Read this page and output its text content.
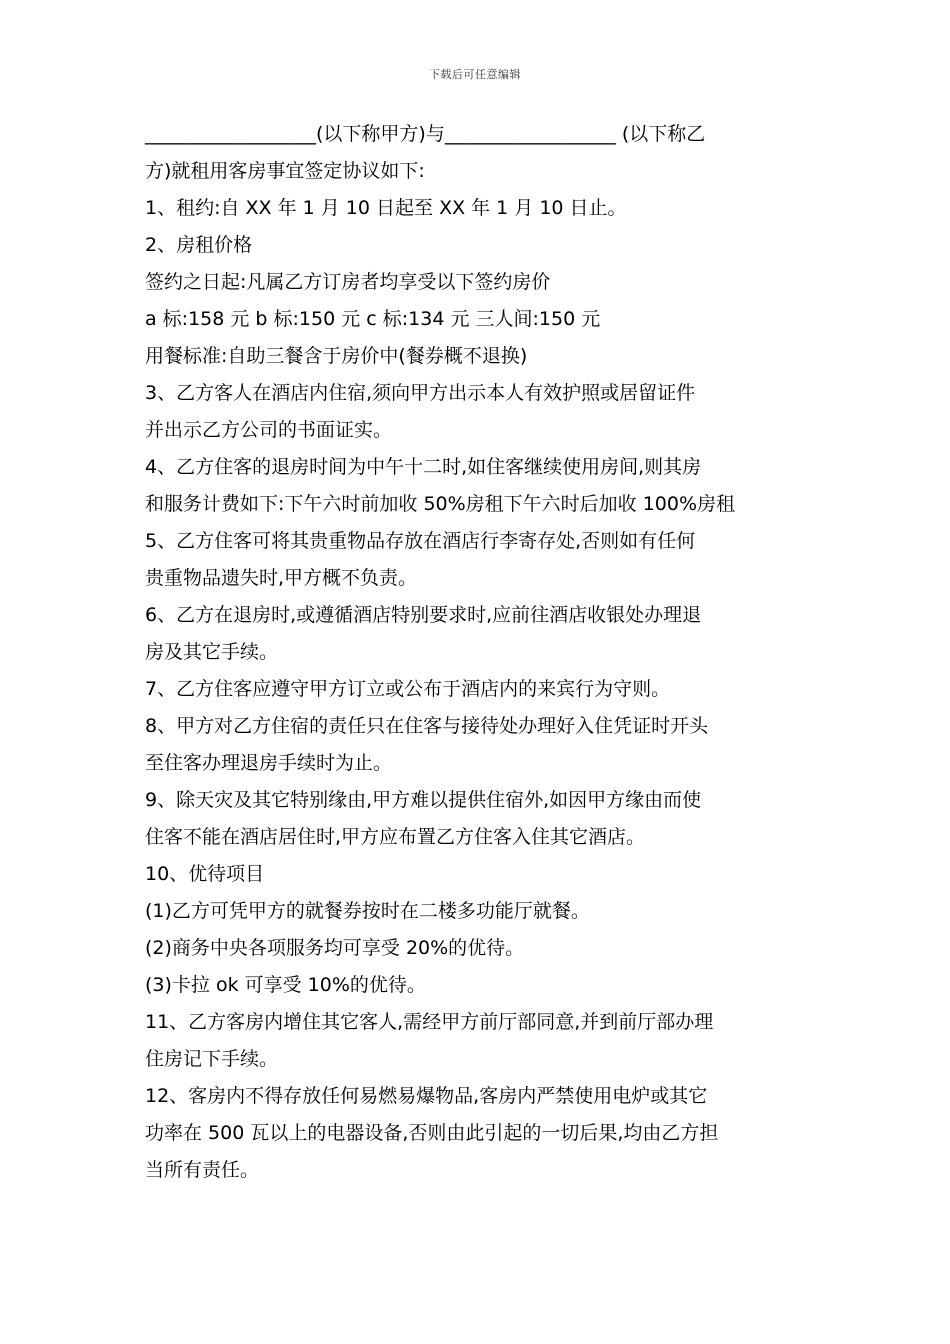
下载后可任意编辑
__________________(以下称甲方)与__________________ (以下称乙
方)就租用客房事宜签定协议如下:
1、租约:自 XX 年 1 月 10 日起至 XX 年 1 月 10 日止。
2、房租价格
签约之日起:凡属乙方订房者均享受以下签约房价
a 标:158 元 b 标:150 元 c 标:134 元 三人间:150 元
用餐标准:自助三餐含于房价中(餐券概不退换)
3、乙方客人在酒店内住宿,须向甲方出示本人有效护照或居留证件
并出示乙方公司的书面证实。
4、乙方住客的退房时间为中午十二时,如住客继续使用房间,则其房
和服务计费如下:下午六时前加收 50%房租下午六时后加收 100%房租
5、乙方住客可将其贵重物品存放在酒店行李寄存处,否则如有任何
贵重物品遗失时,甲方概不负责。
6、乙方在退房时,或遵循酒店特别要求时,应前往酒店收银处办理退
房及其它手续。
7、乙方住客应遵守甲方订立或公布于酒店内的来宾行为守则。
8、甲方对乙方住宿的责任只在住客与接待处办理好入住凭证时开头
至住客办理退房手续时为止。
9、除天灾及其它特别缘由,甲方难以提供住宿外,如因甲方缘由而使
住客不能在酒店居住时,甲方应布置乙方住客入住其它酒店。
10、优待项目
(1)乙方可凭甲方的就餐券按时在二楼多功能厅就餐。
(2)商务中央各项服务均可享受 20%的优待。
(3)卡拉 ok 可享受 10%的优待。
11、乙方客房内增住其它客人,需经甲方前厅部同意,并到前厅部办理
住房记下手续。
12、客房内不得存放任何易燃易爆物品,客房内严禁使用电炉或其它
功率在 500 瓦以上的电器设备,否则由此引起的一切后果,均由乙方担
当所有责任。
